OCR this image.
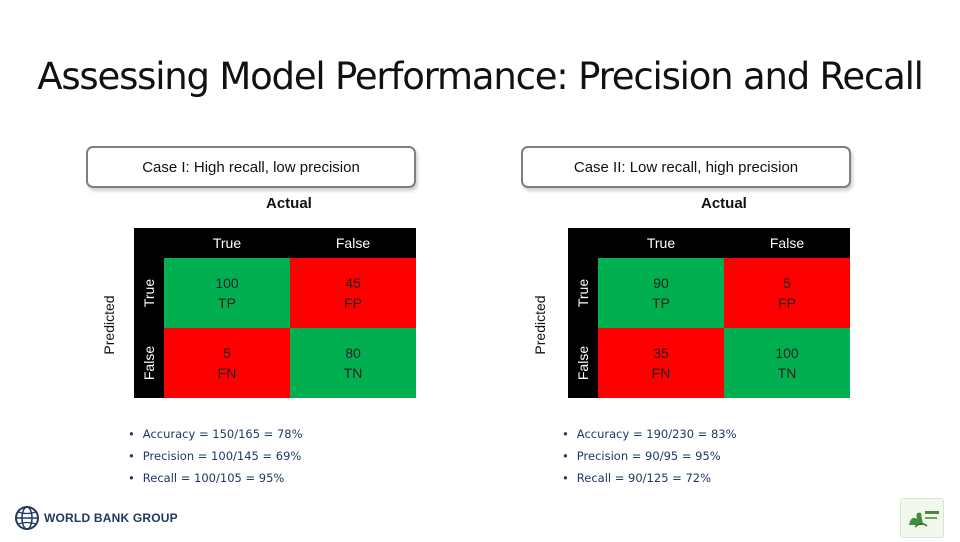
Assessing Model Performance: Precision and Recall
Case I: High recall, low precision
Actual
Predicted
True	False
True
False
100
TP
45
FP
5
FN
80
TN
• Accuracy = 150/165 = 78%
• Precision = 100/145 = 69%
• Recall = 100/105 = 95%
Case II: Low recall, high precision
Actual
Predicted
True	False
True
False
90
TP
5
FP
35
FN
100
TN
• Accuracy = 190/230 = 83%
• Precision = 90/95 = 95%
• Recall = 90/125 = 72%
WORLD BANK GROUP
